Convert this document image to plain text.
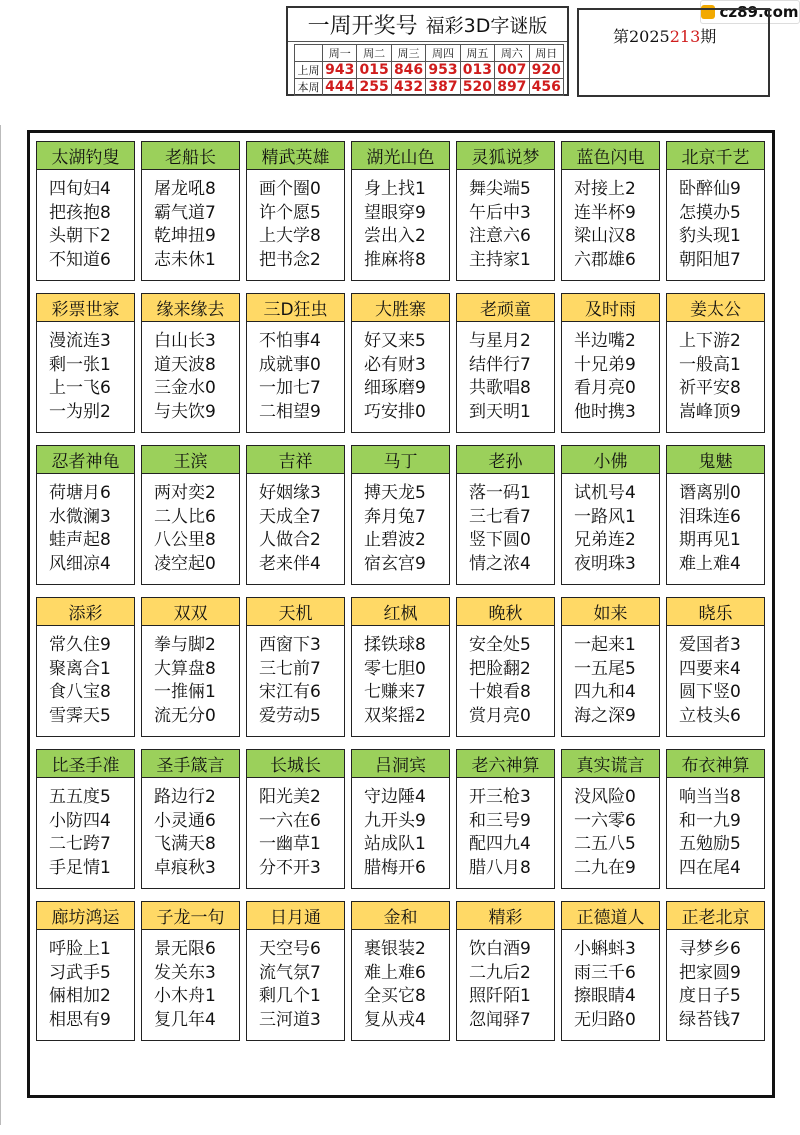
cz89.com
一周开奖号 福彩3D字谜版
	周一	周二	周三	周四	周五	周六	周日
上周	943	015	846	953	013	007	920
本周	444	255	432	387	520	897	456
第2025213期
太湖钓叟
四旬妇4
把孩抱8
头朝下2
不知道6
老船长
屠龙吼8
霸气道7
乾坤扭9
志未休1
精武英雄
画个圈0
许个愿5
上大学8
把书念2
湖光山色
身上找1
望眼穿9
尝出入2
推麻将8
灵狐说梦
舞尖端5
午后中3
注意六6
主持家1
蓝色闪电
对接上2
连半杯9
梁山汉8
六郡雄6
北京千艺
卧醉仙9
怎摸办5
豹头现1
朝阳旭7
彩票世家
漫流连3
剩一张1
上一飞6
一为别2
缘来缘去
白山长3
道天波8
三金水0
与夫饮9
三D狂虫
不怕事4
成就事0
一加七7
二相望9
大胜寨
好又来5
必有财3
细琢磨9
巧安排0
老顽童
与星月2
结伴行7
共歌唱8
到天明1
及时雨
半边嘴2
十兄弟9
看月亮0
他时携3
姜太公
上下游2
一般高1
祈平安8
嵩峰顶9
忍者神龟
荷塘月6
水微澜3
蛙声起8
风细凉4
王滨
两对奕2
二人比6
八公里8
凌空起0
吉祥
好姻缘3
天成全7
人做合2
老来伴4
马丁
搏天龙5
奔月兔7
止碧波2
宿玄宫9
老孙
落一码1
三七看7
竖下圆0
情之浓4
小佛
试机号4
一路风1
兄弟连2
夜明珠3
鬼魅
谮离别0
泪珠连6
期再见1
难上难4
添彩
常久住9
聚离合1
食八宝8
雪霁天5
双双
拳与脚2
大算盘8
一推倆1
流无分0
天机
西窗下3
三七前7
宋江有6
爱劳动5
红枫
揉铁球8
零七胆0
七赚来7
双桨摇2
晚秋
安全处5
把脸翻2
十娘看8
赏月亮0
如来
一起来1
一五尾5
四九和4
海之深9
晓乐
爱国者3
四要来4
圆下竖0
立枝头6
比圣手准
五五度5
小防四4
二七跨7
手足情1
圣手箴言
路边行2
小灵通6
飞满天8
卓痕秋3
长城长
阳光美2
一六在6
一幽草1
分不开3
吕洞宾
守边陲4
九开头9
站成队1
腊梅开6
老六神算
开三枪3
和三号9
配四九4
腊八月8
真实谎言
没风险0
一六零6
二五八5
二九在9
布衣神算
响当当8
和一九9
五勉励5
四在尾4
廊坊鸿运
呼脸上1
习武手5
倆相加2
相思有9
子龙一句
景无限6
发关东3
小木舟1
复几年4
日月通
天空号6
流气氛7
剩几个1
三河道3
金和
裹银装2
难上难6
全买它8
复从戎4
精彩
饮白酒9
二九后2
照阡陌1
忽闻驿7
正德道人
小蝌蚪3
雨三千6
擦眼睛4
无归路0
正老北京
寻梦乡6
把家圆9
度日子5
绿苔钱7
